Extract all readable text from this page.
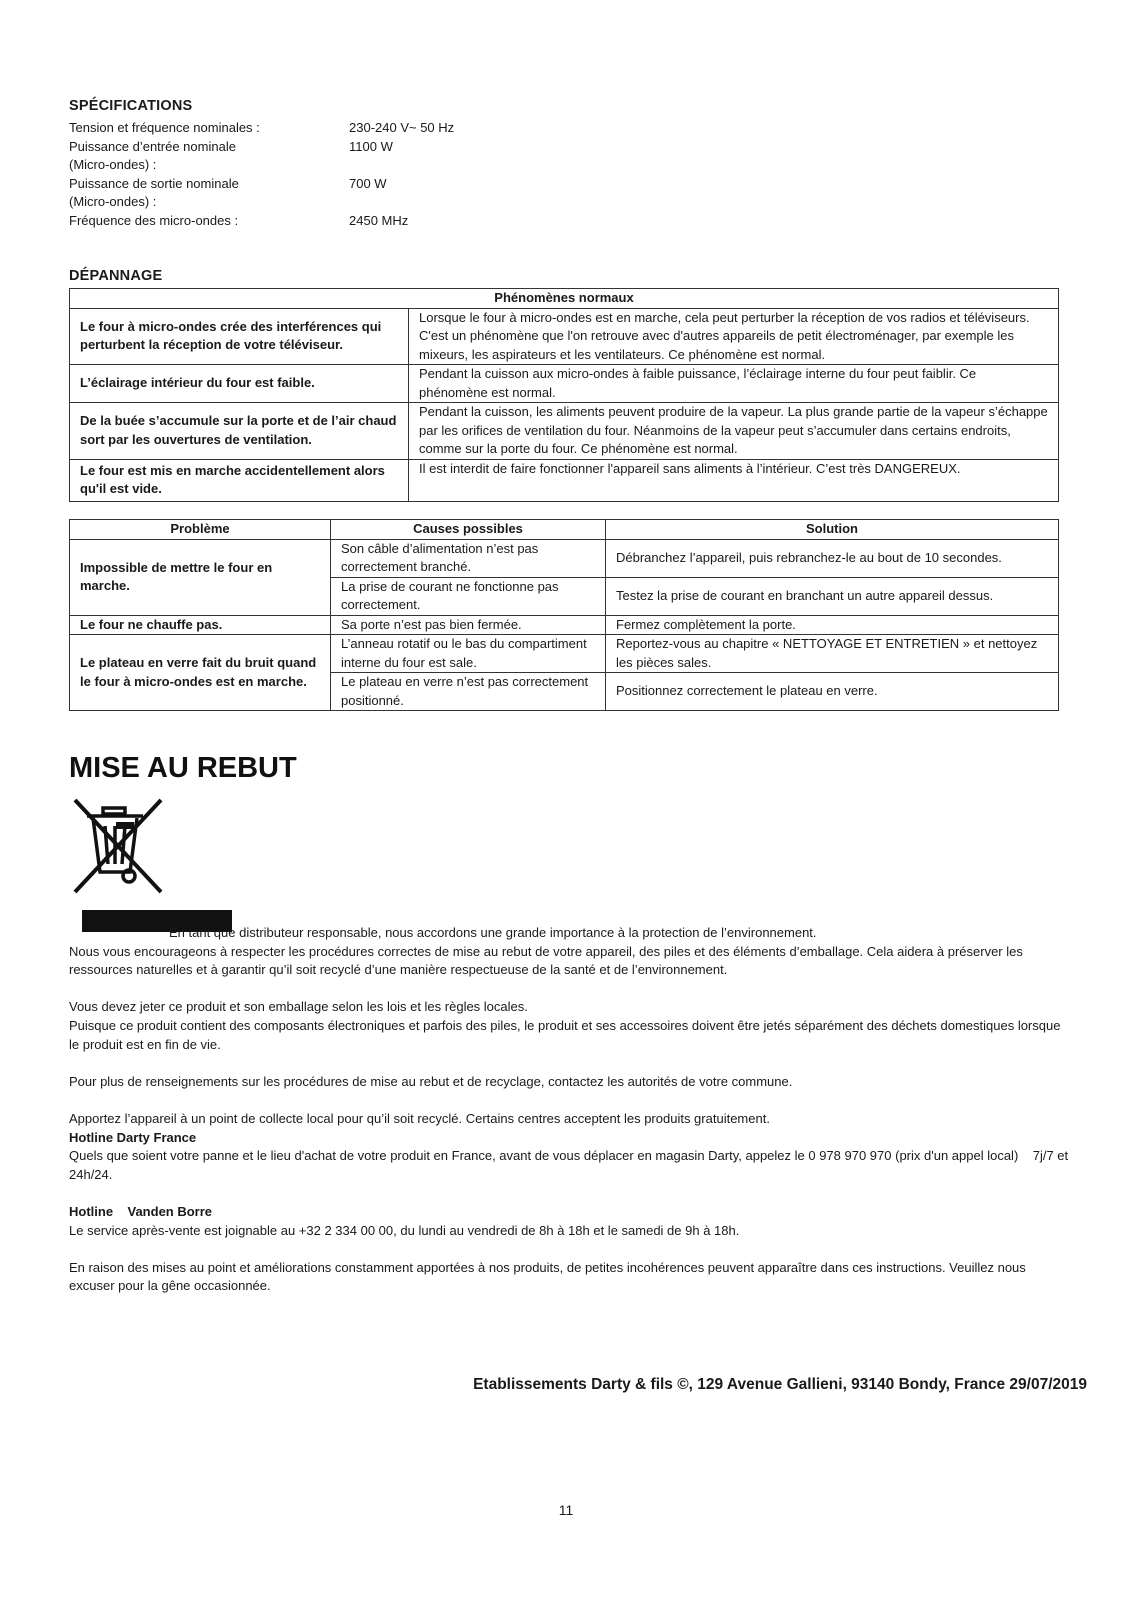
SPÉCIFICATIONS
Tension et fréquence nominales :	230-240 V~ 50 Hz
Puissance d’entrée nominale	1100 W
(Micro-ondes) :
Puissance de sortie nominale	700 W
(Micro-ondes) :
Fréquence des micro-ondes :	2450 MHz
DÉPANNAGE
Phénomènes normaux	
Le four à micro-ondes crée des interférences qui perturbent la réception de votre téléviseur.	Lorsque le four à micro-ondes est en marche, cela peut perturber la réception de vos radios et téléviseurs. C'est un phénomène que l'on retrouve avec d'autres appareils de petit électroménager, par exemple les mixeurs, les aspirateurs et les ventilateurs. Ce phénomène est normal.
L’éclairage intérieur du four est faible.	Pendant la cuisson aux micro-ondes à faible puissance, l’éclairage interne du four peut faiblir. Ce phénomène est normal.
De la buée s’accumule sur la porte et de l’air chaud sort par les ouvertures de ventilation.	Pendant la cuisson, les aliments peuvent produire de la vapeur. La plus grande partie de la vapeur s’échappe par les orifices de ventilation du four. Néanmoins de la vapeur peut s’accumuler dans certains endroits, comme sur la porte du four. Ce phénomène est normal.
Le four est mis en marche accidentellement alors qu'il est vide.	Il est interdit de faire fonctionner l'appareil sans aliments à l’intérieur. C’est très DANGEREUX.
Problème	Causes possibles	Solution
Impossible de mettre le four en marche.	Son câble d’alimentation n’est pas correctement branché.	Débranchez l’appareil, puis rebranchez-le au bout de 10 secondes.
	La prise de courant ne fonctionne pas correctement.	Testez la prise de courant en branchant un autre appareil dessus.
Le four ne chauffe pas.	Sa porte n’est pas bien fermée.	Fermez complètement la porte.
Le plateau en verre fait du bruit quand le four à micro-ondes est en marche.	L’anneau rotatif ou le bas du compartiment interne du four est sale.	Reportez-vous au chapitre « NETTOYAGE ET ENTRETIEN » et nettoyez les pièces sales.
	Le plateau en verre n’est pas correctement positionné.	Positionnez correctement le plateau en verre.
MISE AU REBUT

En tant que distributeur responsable, nous accordons une grande importance à la protection de l’environnement.

Nous vous encourageons à respecter les procédures correctes de mise au rebut de votre appareil, des piles et des éléments d’emballage. Cela aidera à préserver les ressources naturelles et à garantir qu’il soit recyclé d’une manière respectueuse de la santé et de l’environnement.

Vous devez jeter ce produit et son emballage selon les lois et les règles locales.

Puisque ce produit contient des composants électroniques et parfois des piles, le produit et ses accessoires doivent être jetés séparément des déchets domestiques lorsque le produit est en fin de vie.

Pour plus de renseignements sur les procédures de mise au rebut et de recyclage, contactez les autorités de votre commune.

Apportez l’appareil à un point de collecte local pour qu’il soit recyclé. Certains centres acceptent les produits gratuitement.

Hotline Darty France

Quels que soient votre panne et le lieu d'achat de votre produit en France, avant de vous déplacer en magasin Darty, appelez le 0 978 970 970 (prix d'un appel local)    7j/7 et 24h/24.

Hotline    Vanden Borre

Le service après-vente est joignable au +32 2 334 00 00, du lundi au vendredi de 8h à 18h et le samedi de 9h à 18h.

En raison des mises au point et améliorations constamment apportées à nos produits, de petites incohérences peuvent apparaître dans ces instructions. Veuillez nous excuser pour la gêne occasionnée.

Etablissements Darty & fils ©, 129 Avenue Gallieni, 93140 Bondy, France 29/07/2019

11
